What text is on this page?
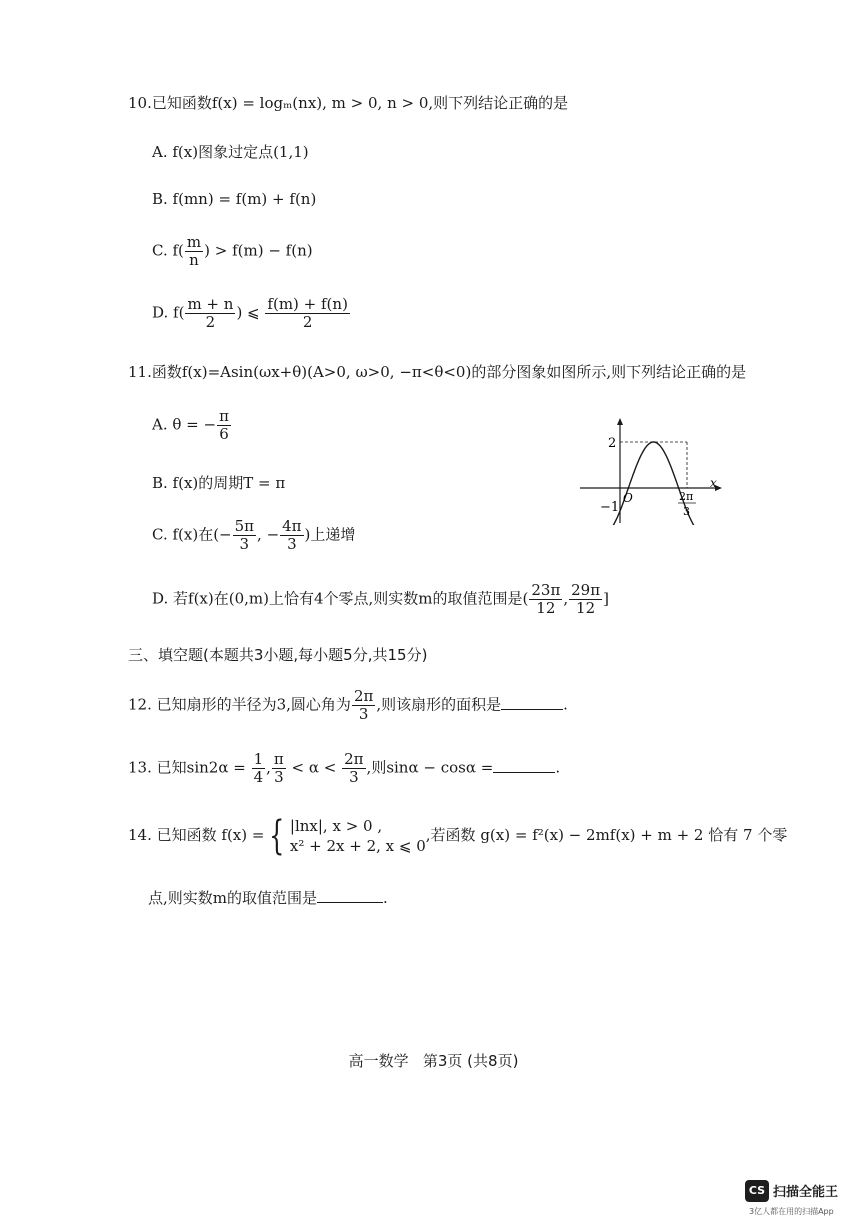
10.已知函数f(x) = logₘ(nx), m > 0, n > 0,则下列结论正确的是
A. f(x)图象过定点(1,1)
B. f(mn) = f(m) + f(n)
C. $f( \frac{m}{n}$ ) > f(m) − f(n)
D. $f( \frac{m + n}{2}$ ) ⩽ $\frac{f(m) + f(n)}{2}$
11.函数f(x)=Asin(ωx+θ)(A>0, ω>0, −π<θ<0)的部分图象如图所示,则下列结论正确的是
A. θ = − $\frac{\pi}{6}$
B. f(x)的周期T = π
C. f(x)在(− $\frac{5\pi}{3}$ , − $\frac{4\pi}{3}$ )上递增
D. 若f(x)在(0,m)上恰有4个零点,则实数m的取值范围是( $\frac{23\pi}{12}$ , $\frac{29\pi}{12}$ ]
2
−1
O
x
2π
3
三、填空题(本题共3小题,每小题5分,共15分)
12. 已知扇形的半径为3,圆心角为 $\frac{2\pi}{3}$ ,则该扇形的面积是	.
13. 已知$\sin 2\alpha = \frac{1}{4}$ , $\frac{\pi}{3} < \alpha < \frac{2\pi}{3}$ ,则sinα − cosα =	.
14. 已知函数 f(x) = { |lnx|, x > 0 ,
x² + 2x + 2, x ⩽ 0
,若函数 g(x) = f²(x) − 2mf(x) + m + 2 恰有 7 个零
点,则实数m的取值范围是	.
高一数学   第3页 (共8页)
CS 扫描全能王
3亿人都在用的扫描App
